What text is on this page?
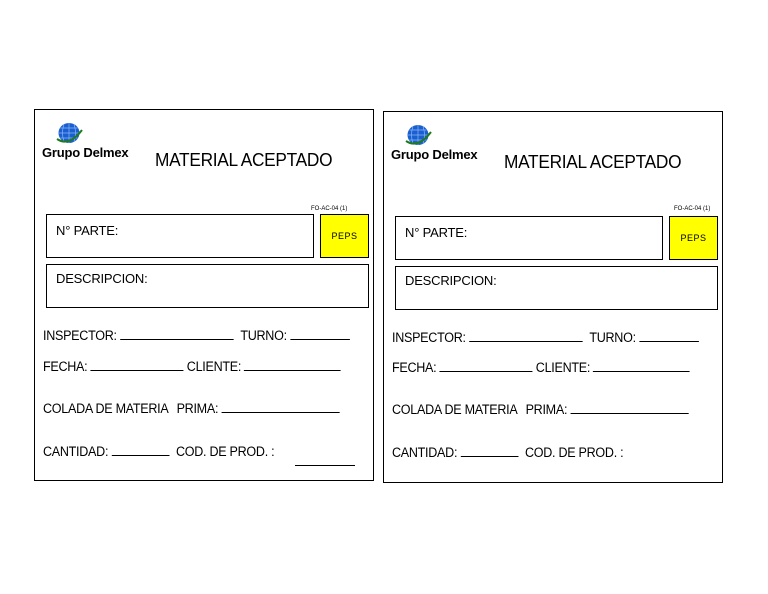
Grupo Delmex MATERIAL ACEPTADO
FO-AC-04 (1)
N° PARTE:	PEPS
DESCRIPCION:
INSPECTOR:	TURNO:
FECHA:	CLIENTE:
COLADA DE MATERIA PRIMA:
CANTIDAD:	COD. DE PROD. :
Grupo Delmex MATERIAL ACEPTADO
FO-AC-04 (1)
N° PARTE:	PEPS
DESCRIPCION:
INSPECTOR:	TURNO:
FECHA:	CLIENTE:
COLADA DE MATERIA PRIMA:
CANTIDAD:	COD. DE PROD. :
